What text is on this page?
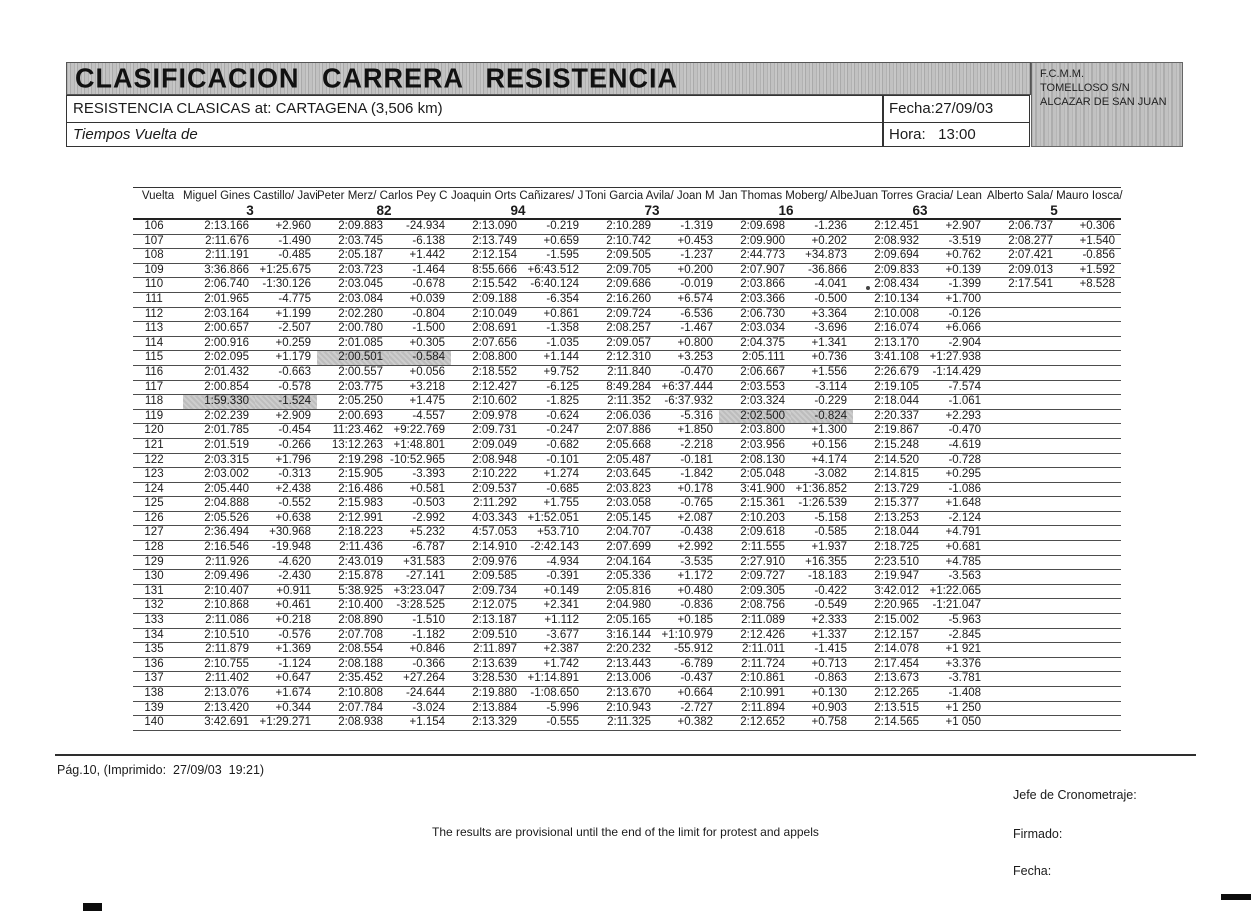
CLASIFICACION CARRERA RESISTENCIA	F.C.M.M.
TOMELLOSO S/N
ALCAZAR DE SAN JUAN
RESISTENCIA CLASICAS at: CARTAGENA (3,506 km)
Tiempos Vuelta de
Fecha:27/09/03
Hora:   13:00
Vuelta	Miguel Gines Castillo/ Javi		Peter Merz/ Carlos Pey C		Joaquin Orts Cañizares/ J		Toni Garcia Avila/ Joan M		Jan Thomas Moberg/ Albe		Juan Torres Gracia/ Lean		Alberto Sala/ Mauro Iosca/	
	3		82		94		73		16		63		5	
106	2:13.166	+2.960	2:09.883	-24.934	2:13.090	-0.219	2:10.289	-1.319	2:09.698	-1.236	2:12.451	+2.907	2:06.737	+0.306
107	2:11.676	-1.490	2:03.745	-6.138	2:13.749	+0.659	2:10.742	+0.453	2:09.900	+0.202	2:08.932	-3.519	2:08.277	+1.540
108	2:11.191	-0.485	2:05.187	+1.442	2:12.154	-1.595	2:09.505	-1.237	2:44.773	+34.873	2:09.694	+0.762	2:07.421	-0.856
109	3:36.866	+1:25.675	2:03.723	-1.464	8:55.666	+6:43.512	2:09.705	+0.200	2:07.907	-36.866	2:09.833	+0.139	2:09.013	+1.592
110	2:06.740	-1:30.126	2:03.045	-0.678	2:15.542	-6:40.124	2:09.686	-0.019	2:03.866	-4.041	2:08.434	-1.399	2:17.541	+8.528
111	2:01.965	-4.775	2:03.084	+0.039	2:09.188	-6.354	2:16.260	+6.574	2:03.366	-0.500	2:10.134	+1.700		
112	2:03.164	+1.199	2:02.280	-0.804	2:10.049	+0.861	2:09.724	-6.536	2:06.730	+3.364	2:10.008	-0.126		
113	2:00.657	-2.507	2:00.780	-1.500	2:08.691	-1.358	2:08.257	-1.467	2:03.034	-3.696	2:16.074	+6.066		
114	2:00.916	+0.259	2:01.085	+0.305	2:07.656	-1.035	2:09.057	+0.800	2:04.375	+1.341	2:13.170	-2.904		
115	2:02.095	+1.179	2:00.501	-0.584	2:08.800	+1.144	2:12.310	+3.253	2:05.111	+0.736	3:41.108	+1:27.938		
116	2:01.432	-0.663	2:00.557	+0.056	2:18.552	+9.752	2:11.840	-0.470	2:06.667	+1.556	2:26.679	-1:14.429		
117	2:00.854	-0.578	2:03.775	+3.218	2:12.427	-6.125	8:49.284	+6:37.444	2:03.553	-3.114	2:19.105	-7.574		
118	1:59.330	-1.524	2:05.250	+1.475	2:10.602	-1.825	2:11.352	-6:37.932	2:03.324	-0.229	2:18.044	-1.061		
119	2:02.239	+2.909	2:00.693	-4.557	2:09.978	-0.624	2:06.036	-5.316	2:02.500	-0.824	2:20.337	+2.293		
120	2:01.785	-0.454	11:23.462	+9:22.769	2:09.731	-0.247	2:07.886	+1.850	2:03.800	+1.300	2:19.867	-0.470		
121	2:01.519	-0.266	13:12.263	+1:48.801	2:09.049	-0.682	2:05.668	-2.218	2:03.956	+0.156	2:15.248	-4.619		
122	2:03.315	+1.796	2:19.298	-10:52.965	2:08.948	-0.101	2:05.487	-0.181	2:08.130	+4.174	2:14.520	-0.728		
123	2:03.002	-0.313	2:15.905	-3.393	2:10.222	+1.274	2:03.645	-1.842	2:05.048	-3.082	2:14.815	+0.295		
124	2:05.440	+2.438	2:16.486	+0.581	2:09.537	-0.685	2:03.823	+0.178	3:41.900	+1:36.852	2:13.729	-1.086		
125	2:04.888	-0.552	2:15.983	-0.503	2:11.292	+1.755	2:03.058	-0.765	2:15.361	-1:26.539	2:15.377	+1.648		
126	2:05.526	+0.638	2:12.991	-2.992	4:03.343	+1:52.051	2:05.145	+2.087	2:10.203	-5.158	2:13.253	-2.124		
127	2:36.494	+30.968	2:18.223	+5.232	4:57.053	+53.710	2:04.707	-0.438	2:09.618	-0.585	2:18.044	+4.791		
128	2:16.546	-19.948	2:11.436	-6.787	2:14.910	-2:42.143	2:07.699	+2.992	2:11.555	+1.937	2:18.725	+0.681		
129	2:11.926	-4.620	2:43.019	+31.583	2:09.976	-4.934	2:04.164	-3.535	2:27.910	+16.355	2:23.510	+4.785		
130	2:09.496	-2.430	2:15.878	-27.141	2:09.585	-0.391	2:05.336	+1.172	2:09.727	-18.183	2:19.947	-3.563		
131	2:10.407	+0.911	5:38.925	+3:23.047	2:09.734	+0.149	2:05.816	+0.480	2:09.305	-0.422	3:42.012	+1:22.065		
132	2:10.868	+0.461	2:10.400	-3:28.525	2:12.075	+2.341	2:04.980	-0.836	2:08.756	-0.549	2:20.965	-1:21.047		
133	2:11.086	+0.218	2:08.890	-1.510	2:13.187	+1.112	2:05.165	+0.185	2:11.089	+2.333	2:15.002	-5.963		
134	2:10.510	-0.576	2:07.708	-1.182	2:09.510	-3.677	3:16.144	+1:10.979	2:12.426	+1.337	2:12.157	-2.845		
135	2:11.879	+1.369	2:08.554	+0.846	2:11.897	+2.387	2:20.232	-55.912	2:11.011	-1.415	2:14.078	+1 921		
136	2:10.755	-1.124	2:08.188	-0.366	2:13.639	+1.742	2:13.443	-6.789	2:11.724	+0.713	2:17.454	+3.376		
137	2:11.402	+0.647	2:35.452	+27.264	3:28.530	+1:14.891	2:13.006	-0.437	2:10.861	-0.863	2:13.673	-3.781		
138	2:13.076	+1.674	2:10.808	-24.644	2:19.880	-1:08.650	2:13.670	+0.664	2:10.991	+0.130	2:12.265	-1.408		
139	2:13.420	+0.344	2:07.784	-3.024	2:13.884	-5.996	2:10.943	-2.727	2:11.894	+0.903	2:13.515	+1 250		
140	3:42.691	+1:29.271	2:08.938	+1.154	2:13.329	-0.555	2:11.325	+0.382	2:12.652	+0.758	2:14.565	+1 050		
Pág.10, (Imprimido:  27/09/03  19:21)
The results are provisional until the end of the limit for protest and appels
Jefe de Cronometraje:
Firmado:
Fecha:
